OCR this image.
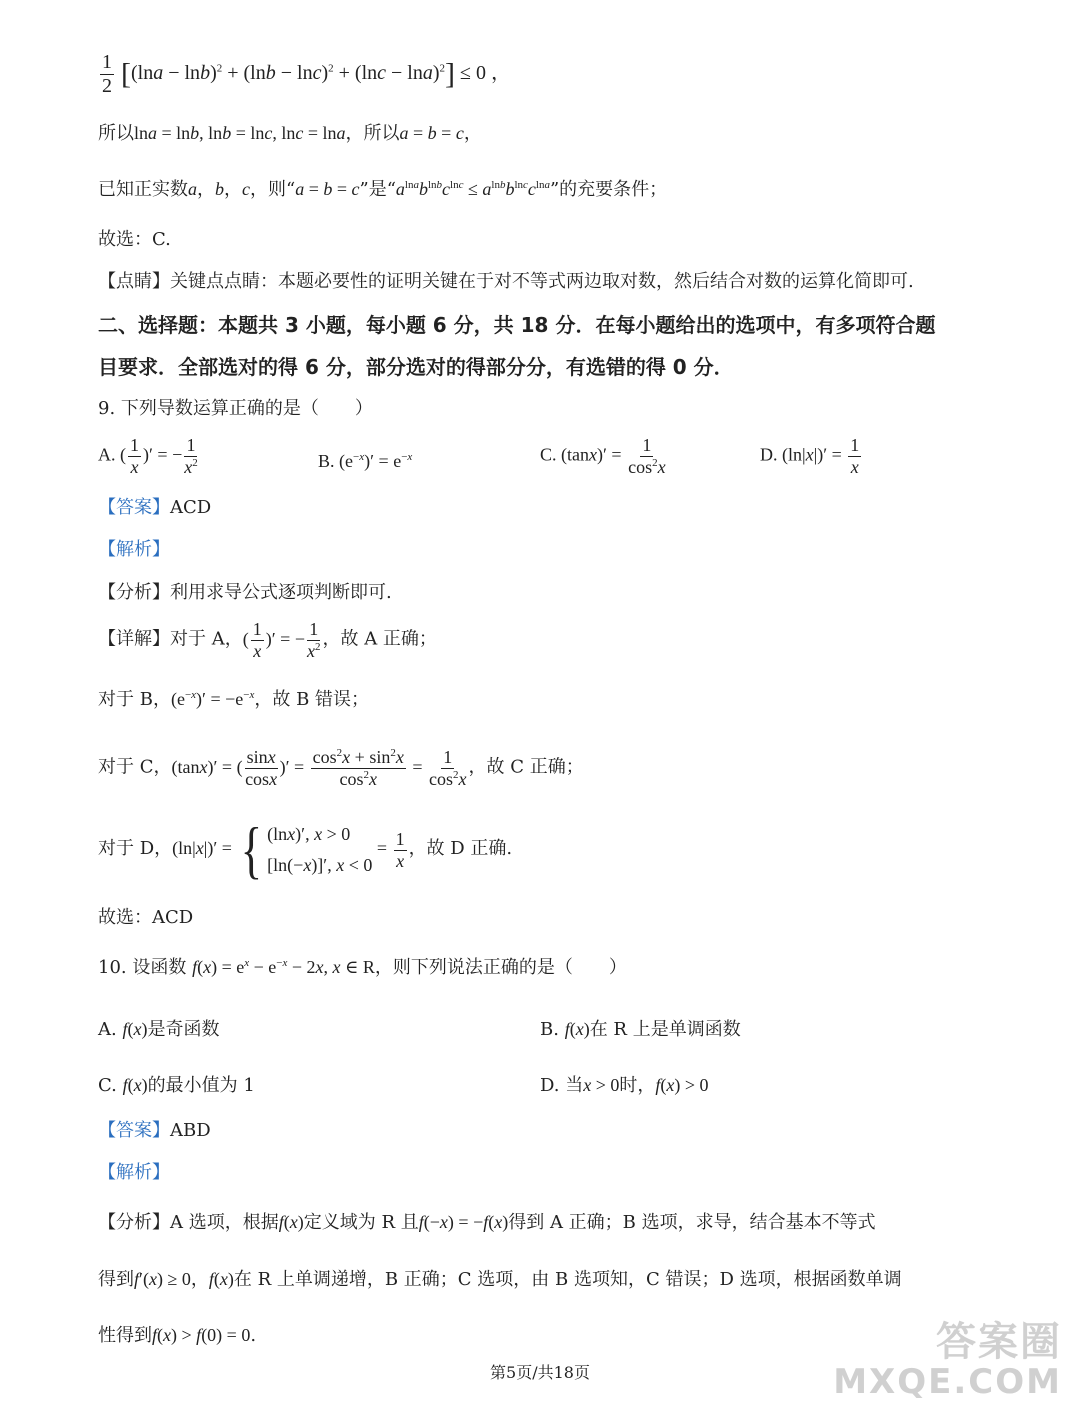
$\frac{1}{2} [(\ln a - \ln b)^2 + (\ln b - \ln c)^2 + (\ln c - \ln a)^2] \le 0$ ，
所以lna = lnb, lnb = lnc, lnc = lna，所以a = b = c，
已知正实数a，b，c，则“a = b = c”是“$a^{lna}b^{lnb}c^{lnc} \le a^{lnb}b^{lnc}c^{lna}$”的充要条件；
故选：C.
【点睛】关键点点睛：本题必要性的证明关键在于对不等式两边取对数，然后结合对数的运算化简即可.
二、选择题：本题共 3 小题，每小题 6 分，共 18 分．在每小题给出的选项中，有多项符合题
目要求．全部选对的得 6 分，部分选对的得部分分，有选错的得 0 分．
9. 下列导数运算正确的是（　　）
A. ( $\frac{1}{x}$ )′ = − $\frac{1}{x^2}$	B. $(e^{-x})' = e^{-x}$	C. $(\tan x)' = \frac{1}{\cos^2x}$	D. $(\ln|x|)' = \frac{1}{x}$
【答案】ACD
【解析】
【分析】利用求导公式逐项判断即可.
【详解】对于 A，( $\frac{1}{x}$ )′ = − $\frac{1}{x^2}$ ，故 A 正确；
对于 B，$(e^{-x})' = -e^{-x}$，故 B 错误；
对于 C，(tanx)′ = ( $\frac{\sin x}{\cos x}$ )′ = $\frac{\cos^2x + \sin^2x}{\cos^2x} = \frac{1}{\cos^2x}$ ，故 C 正确；
对于 D，(ln|x|)′ = { (lnx)′, x > 0
[ln(−x)]′, x < 0
= $\frac{1}{x}$ ，故 D 正确.
故选：ACD
10. 设函数 $f(x) = e^x - e^{-x} - 2x$, x ∈ R，则下列说法正确的是（　　）
A. f(x)是奇函数	B. f(x)在 R 上是单调函数
C. f(x)的最小值为 1	D. 当x > 0时，f(x) > 0
【答案】ABD
【解析】
【分析】A 选项，根据f(x)定义域为 R 且f(−x) = −f(x)得到 A 正确；B 选项，求导，结合基本不等式
得到f′(x) ≥ 0，f(x)在 R 上单调递增，B 正确；C 选项，由 B 选项知，C 错误；D 选项，根据函数单调
性得到f(x) > f(0) = 0.
第5页/共18页
答案圈
MXQE.COM
